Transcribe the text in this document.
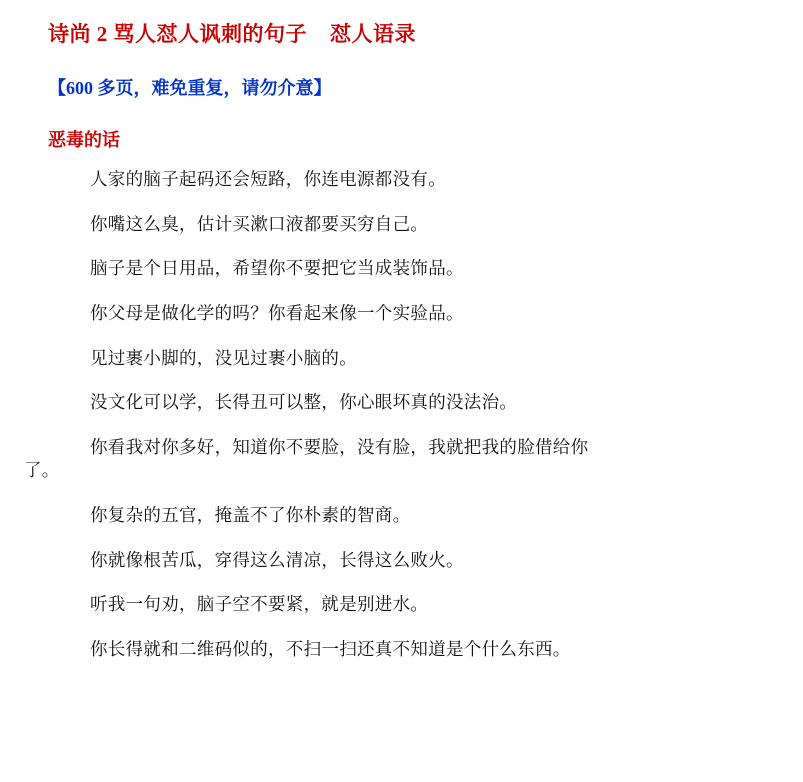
诗尚 2 骂人怼人讽刺的句子    怼人语录
【600 多页，难免重复，请勿介意】
恶毒的话

人家的脑子起码还会短路，你连电源都没有。

你嘴这么臭，估计买漱口液都要买穷自己。

脑子是个日用品，希望你不要把它当成装饰品。

你父母是做化学的吗？你看起来像一个实验品。

见过裹小脚的，没见过裹小脑的。

没文化可以学，长得丑可以整，你心眼坏真的没法治。

你看我对你多好，知道你不要脸，没有脸，我就把我的脸借给你
了。

你复杂的五官，掩盖不了你朴素的智商。

你就像根苦瓜，穿得这么清凉，长得这么败火。

听我一句劝，脑子空不要紧，就是别进水。

你长得就和二维码似的，不扫一扫还真不知道是个什么东西。
